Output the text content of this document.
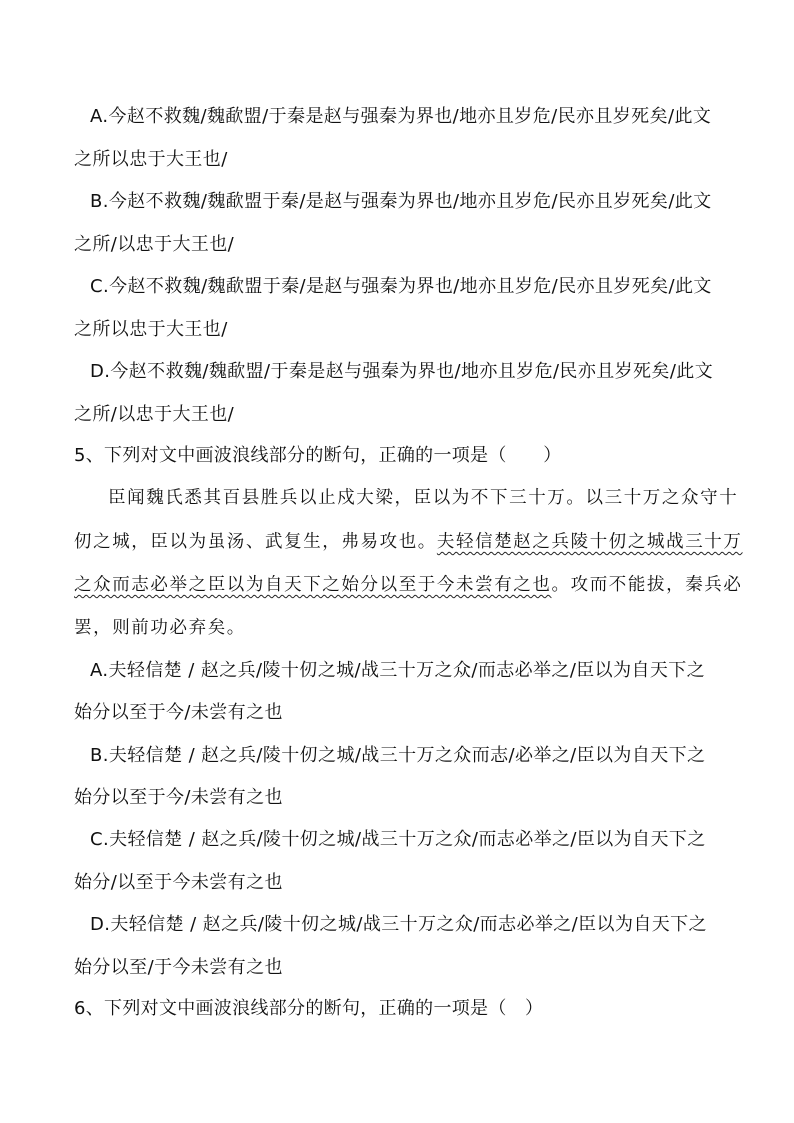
A.今赵不救魏/魏歃盟/于秦是赵与强秦为界也/地亦且岁危/民亦且岁死矣/此文
之所以忠于大王也/
B.今赵不救魏/魏歃盟于秦/是赵与强秦为界也/地亦且岁危/民亦且岁死矣/此文
之所/以忠于大王也/
C.今赵不救魏/魏歃盟于秦/是赵与强秦为界也/地亦且岁危/民亦且岁死矣/此文
之所以忠于大王也/
D.今赵不救魏/魏歃盟/于秦是赵与强秦为界也/地亦且岁危/民亦且岁死矣/此文
之所/以忠于大王也/
5、下列对文中画波浪线部分的断句，正确的一项是（　　）
臣闻魏氏悉其百县胜兵以止戍大梁，臣以为不下三十万。以三十万之众守十
仞之城，臣以为虽汤、武复生，弗易攻也。夫轻信楚赵之兵陵十仞之城战三十万
之众而志必举之臣以为自天下之始分以至于今未尝有之也。攻而不能拔，秦兵必
罢，则前功必弃矣。
A.夫轻信楚 / 赵之兵/陵十仞之城/战三十万之众/而志必举之/臣以为自天下之
始分以至于今/未尝有之也
B.夫轻信楚 / 赵之兵/陵十仞之城/战三十万之众而志/必举之/臣以为自天下之
始分以至于今/未尝有之也
C.夫轻信楚 / 赵之兵/陵十仞之城/战三十万之众/而志必举之/臣以为自天下之
始分/以至于今未尝有之也
D.夫轻信楚 / 赵之兵/陵十仞之城/战三十万之众/而志必举之/臣以为自天下之
始分以至/于今未尝有之也
6、下列对文中画波浪线部分的断句，正确的一项是（　）
